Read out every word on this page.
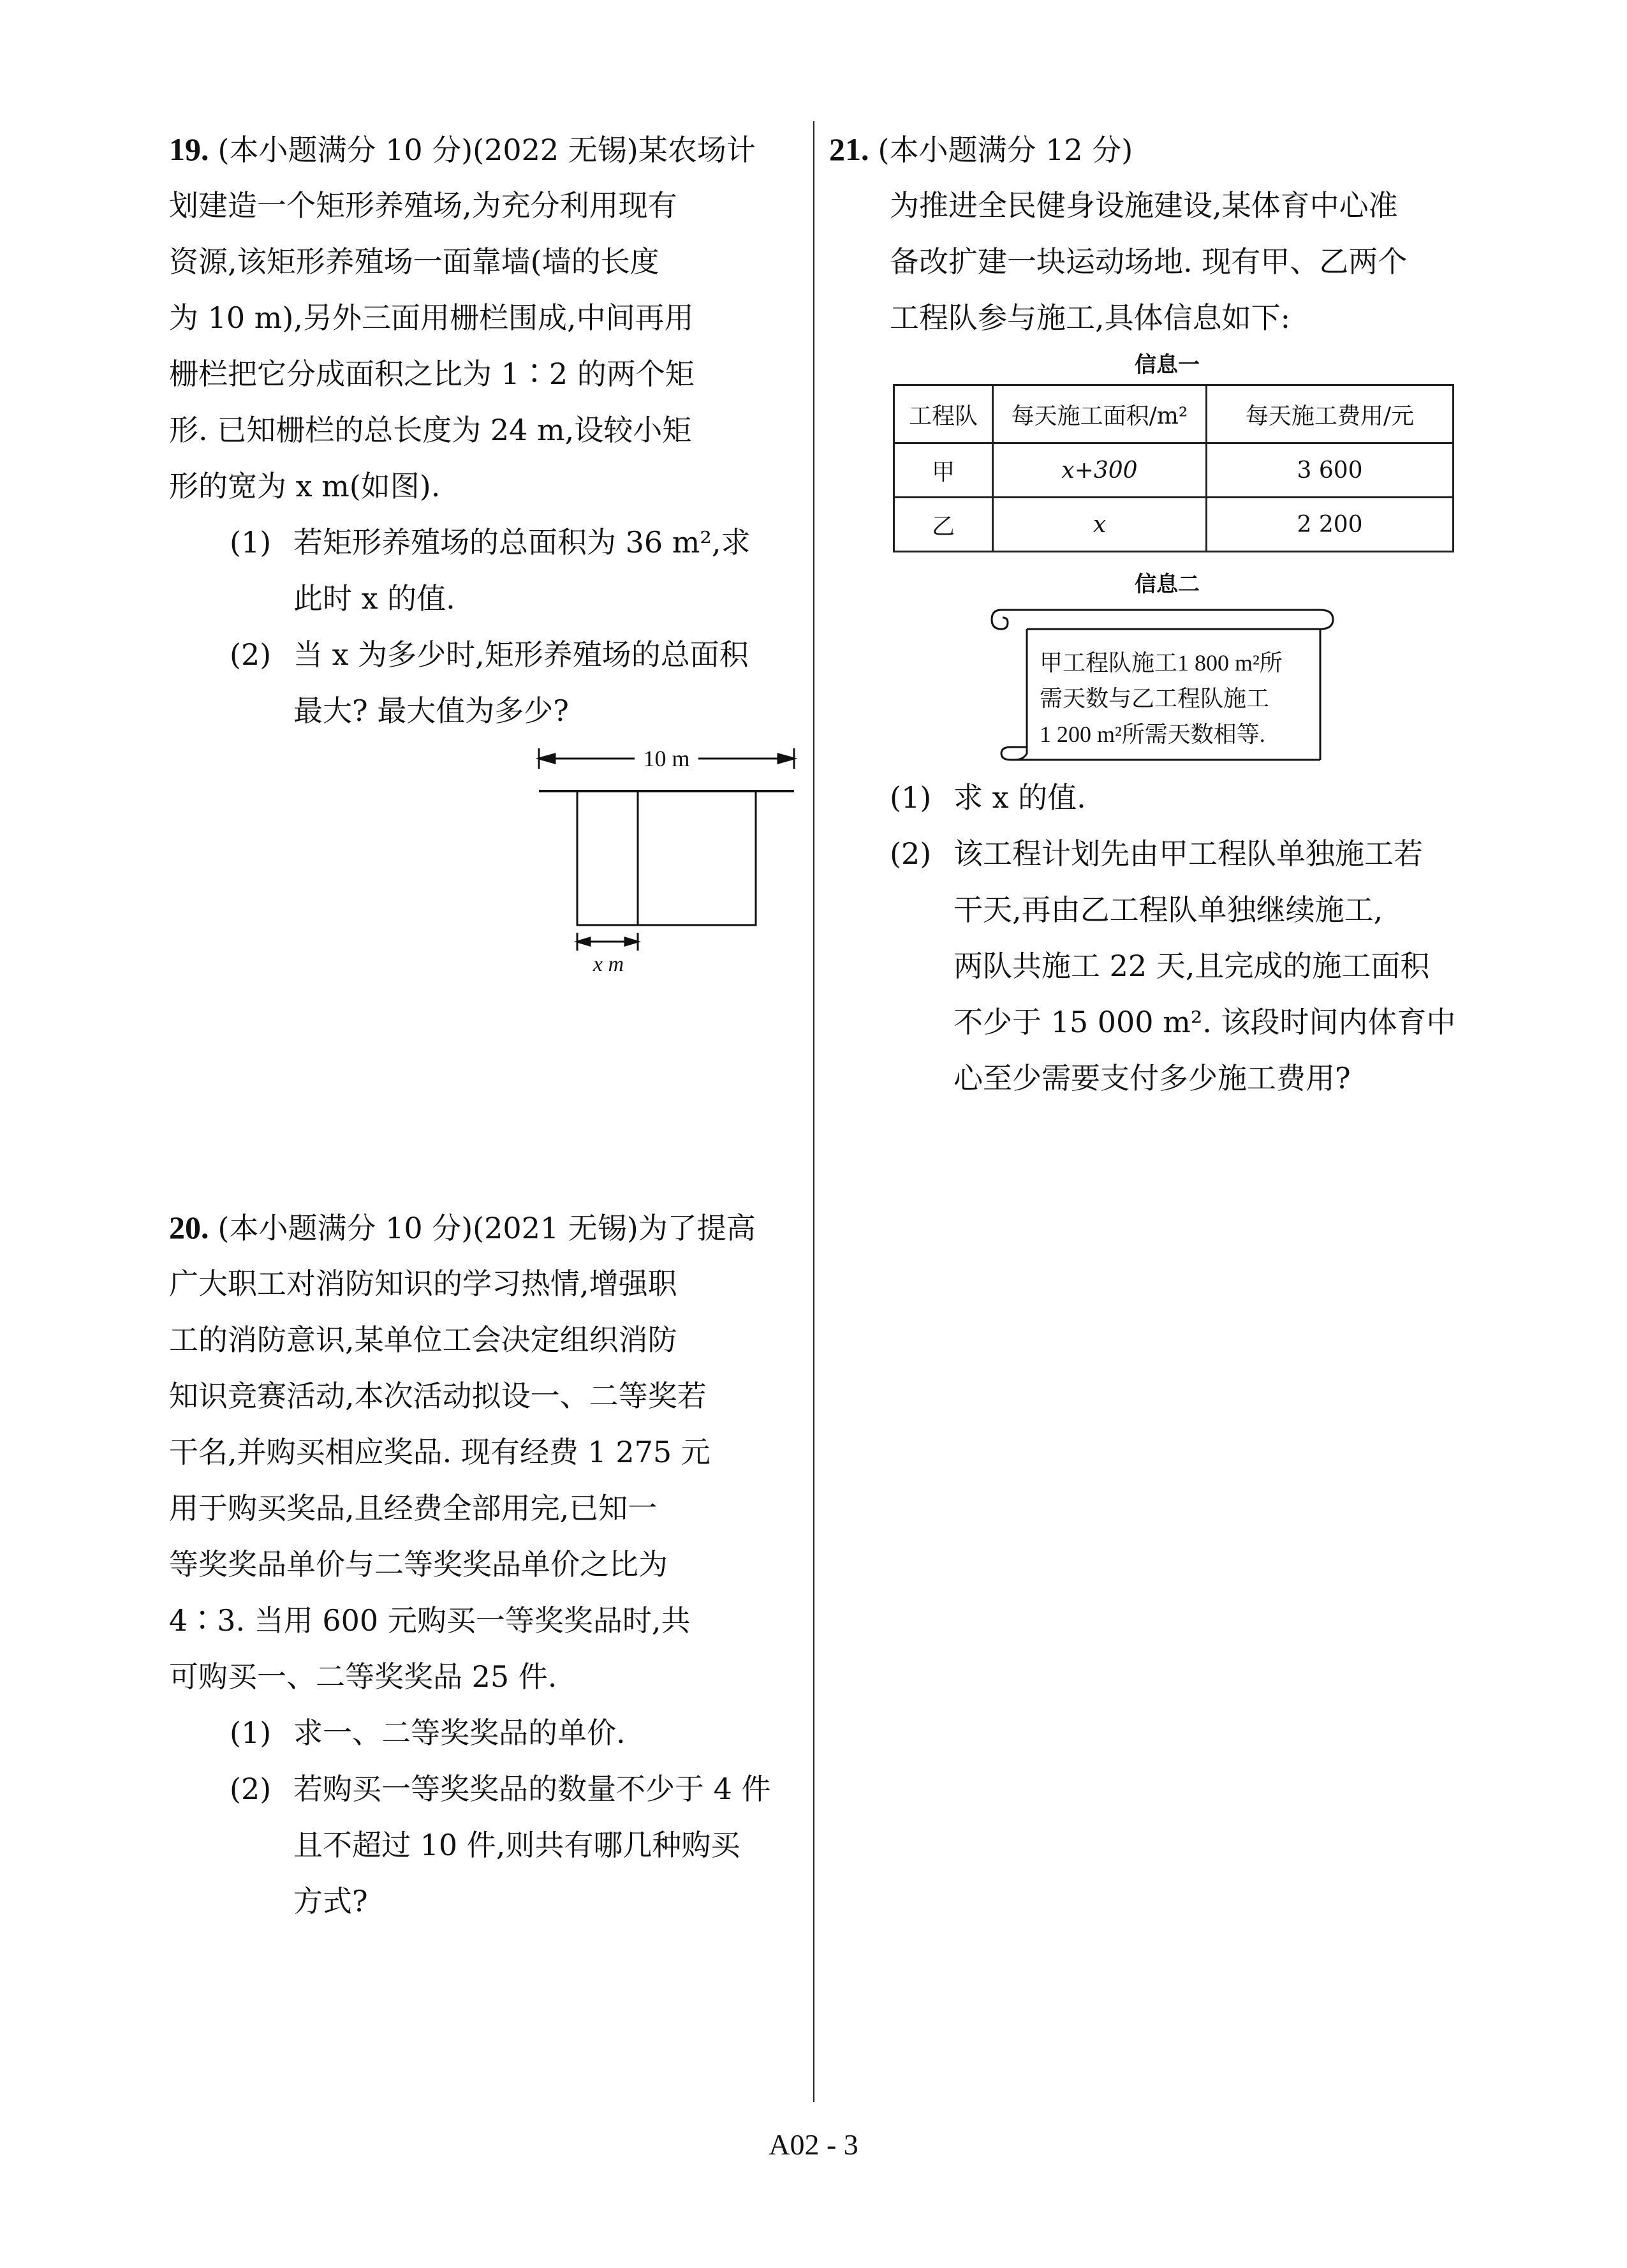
19. (本小题满分 10 分)(2022 无锡)某农场计
划建造一个矩形养殖场,为充分利用现有
资源,该矩形养殖场一面靠墙(墙的长度
为 10 m),另外三面用栅栏围成,中间再用
栅栏把它分成面积之比为 1∶2 的两个矩
形. 已知栅栏的总长度为 24 m,设较小矩
形的宽为 x m(如图).
(1) 若矩形养殖场的总面积为 36 m²,求
此时 x 的值.
(2) 当 x 为多少时,矩形养殖场的总面积
最大? 最大值为多少?
10 m
x m
20. (本小题满分 10 分)(2021 无锡)为了提高
广大职工对消防知识的学习热情,增强职
工的消防意识,某单位工会决定组织消防
知识竞赛活动,本次活动拟设一、二等奖若
干名,并购买相应奖品. 现有经费 1 275 元
用于购买奖品,且经费全部用完,已知一
等奖奖品单价与二等奖奖品单价之比为
4∶3. 当用 600 元购买一等奖奖品时,共
可购买一、二等奖奖品 25 件.
(1) 求一、二等奖奖品的单价.
(2) 若购买一等奖奖品的数量不少于 4 件
且不超过 10 件,则共有哪几种购买
方式?
21. (本小题满分 12 分)
为推进全民健身设施建设,某体育中心准
备改扩建一块运动场地. 现有甲、乙两个
工程队参与施工,具体信息如下:
信息一
工程队	每天施工面积/m²	每天施工费用/元
甲	x+300	3 600
乙	x	2 200
信息二
甲工程队施工1 800 m²所
需天数与乙工程队施工
1 200 m²所需天数相等.
(1) 求 x 的值.
(2) 该工程计划先由甲工程队单独施工若
干天,再由乙工程队单独继续施工,
两队共施工 22 天,且完成的施工面积
不少于 15 000 m². 该段时间内体育中
心至少需要支付多少施工费用?
A02 - 3
